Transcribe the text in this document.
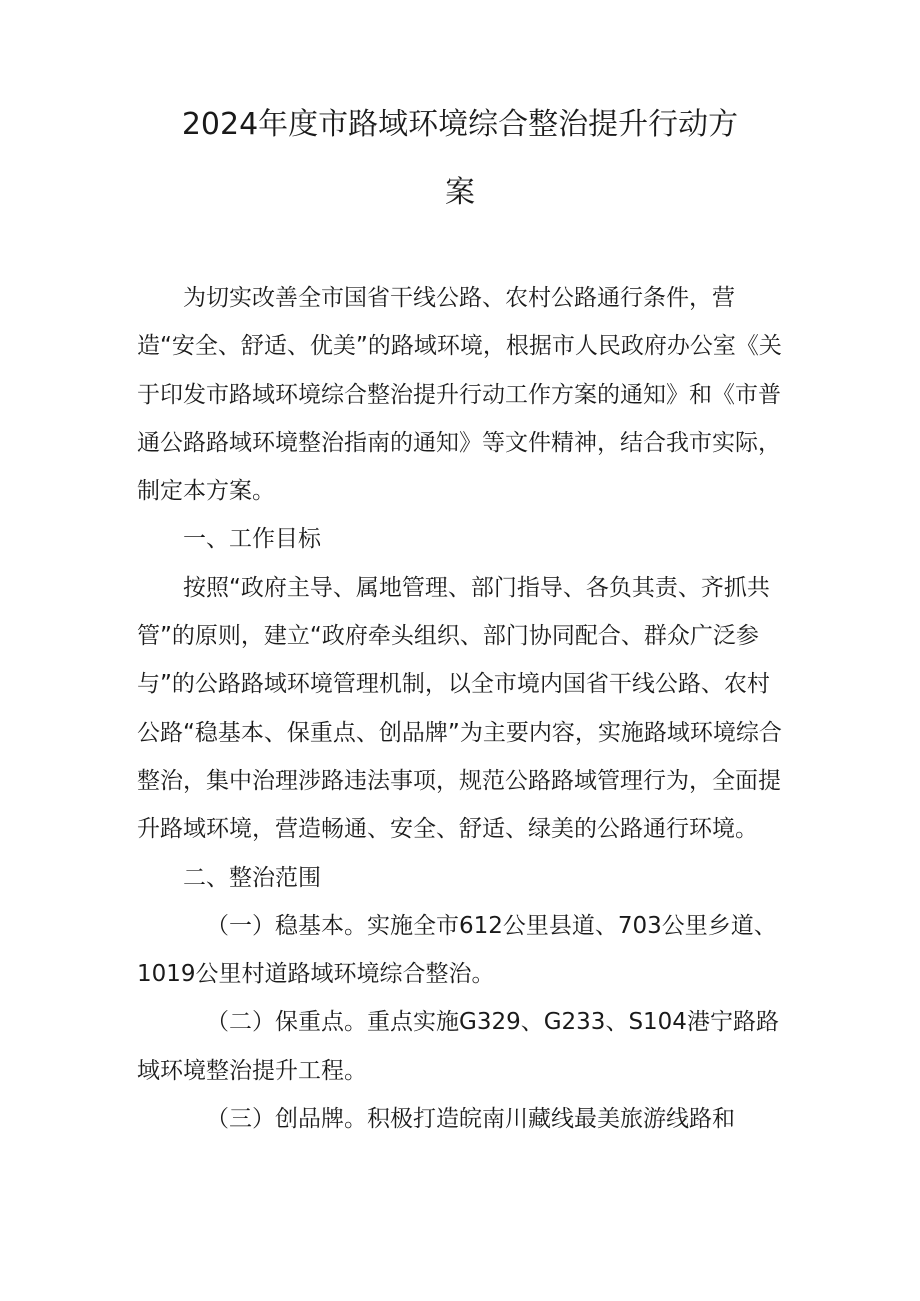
2024年度市路域环境综合整治提升行动方
案

为切实改善全市国省干线公路、农村公路通行条件，营造“安全、舒适、优美”的路域环境，根据市人民政府办公室《关于印发市路域环境综合整治提升行动工作方案的通知》和《市普通公路路域环境整治指南的通知》等文件精神，结合我市实际，制定本方案。

一、工作目标

按照“政府主导、属地管理、部门指导、各负其责、齐抓共管”的原则，建立“政府牵头组织、部门协同配合、群众广泛参与”的公路路域环境管理机制，以全市境内国省干线公路、农村公路“稳基本、保重点、创品牌”为主要内容，实施路域环境综合整治，集中治理涉路违法事项，规范公路路域管理行为，全面提升路域环境，营造畅通、安全、舒适、绿美的公路通行环境。

二、整治范围

（一）稳基本。实施全市612公里县道、703公里乡道、1019公里村道路域环境综合整治。

（二）保重点。重点实施G329、G233、S104港宁路路域环境整治提升工程。

（三）创品牌。积极打造皖南川藏线最美旅游线路和
